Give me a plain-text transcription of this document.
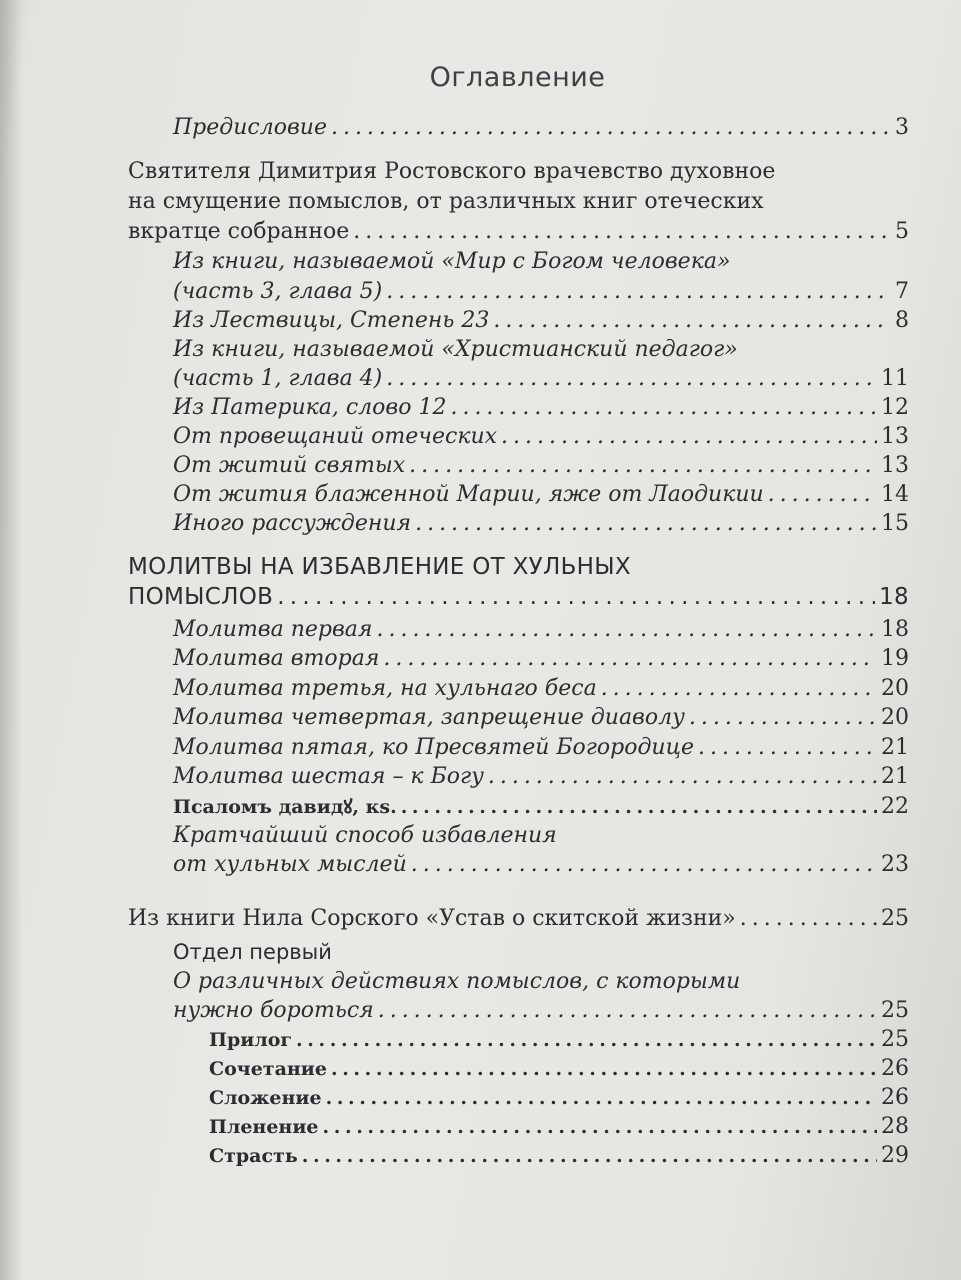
Оглавление
Предисловие . . .	3
Святителя Димитрия Ростовского врачевство духовное
на смущение помыслов, от различных книг отеческих
вкратце собранное . . .	5
Из книги, называемой «Мир с Богом человека»
(часть 3, глава 5) . . .	7
Из Лествицы, Степень 23 . . .	8
Из книги, называемой «Христианский педагог»
(часть 1, глава 4) . . .	11
Из Патерика, слово 12 . . .	12
От провещаний отеческих . . .	13
От житий святых . . .	13
От жития блаженной Марии, яже от Лаодикии . . .	14
Иного рассуждения . . .	15
МОЛИТВЫ НА ИЗБАВЛЕНИЕ ОТ ХУЛЬНЫХ
ПОМЫСЛОВ . . .	18
Молитва первая . . .	18
Молитва вторая . . .	19
Молитва третья, на хульнаго беса . . .	20
Молитва четвертая, запрещение диаволу . . .	20
Молитва пятая, ко Пресвятей Богородице . . .	21
Молитва шестая – к Богу . . .	21
Псаломъ давидꙋ, кѕ. . . .	22
Кратчайший способ избавления
от хульных мыслей . . .	23
Из книги Нила Сорского «Устав о скитской жизни» . . .	25
Отдел первый
О различных действиях помыслов, с которыми
нужно бороться . . .	25
Прилог . . .	25
Сочетание . . .	26
Сложение . . .	26
Пленение . . .	28
Страсть . . .	29
